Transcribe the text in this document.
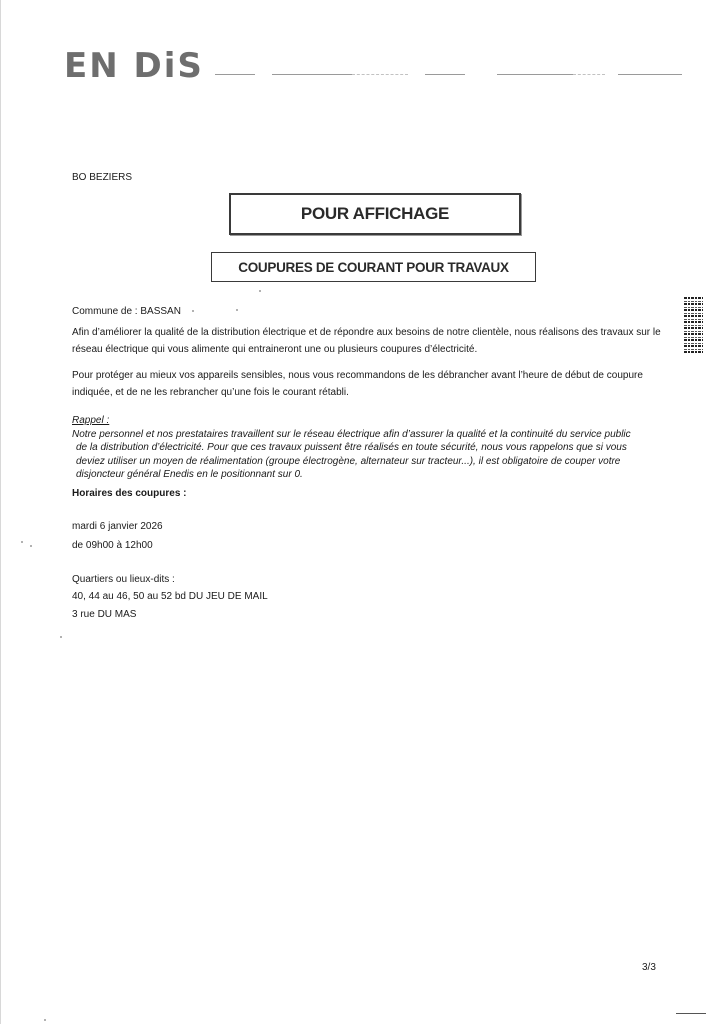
EN DiS
BO BEZIERS
POUR AFFICHAGE
COUPURES DE COURANT POUR TRAVAUX
Commune de : BASSAN
Afin d’améliorer la qualité de la distribution électrique et de répondre aux besoins de notre clientèle, nous réalisons des travaux sur le réseau électrique qui vous alimente qui entraineront une ou plusieurs coupures d’électricité.
Pour protéger au mieux vos appareils sensibles, nous vous recommandons de les débrancher avant l’heure de début de coupure indiquée, et de ne les rebrancher qu’une fois le courant rétabli.
Rappel :
Notre personnel et nos prestataires travaillent sur le réseau électrique afin d’assurer la qualité et la continuité du service public
de la distribution d’électricité. Pour que ces travaux puissent être réalisés en toute sécurité, nous vous rappelons que si vous
deviez utiliser un moyen de réalimentation (groupe électrogène, alternateur sur tracteur...), il est obligatoire de couper votre
disjoncteur général Enedis en le positionnant sur 0.
Horaires des coupures :
mardi 6 janvier 2026
de 09h00 à 12h00
Quartiers ou lieux-dits :
40, 44 au 46, 50 au 52 bd DU JEU DE MAIL
3 rue DU MAS
3/3
